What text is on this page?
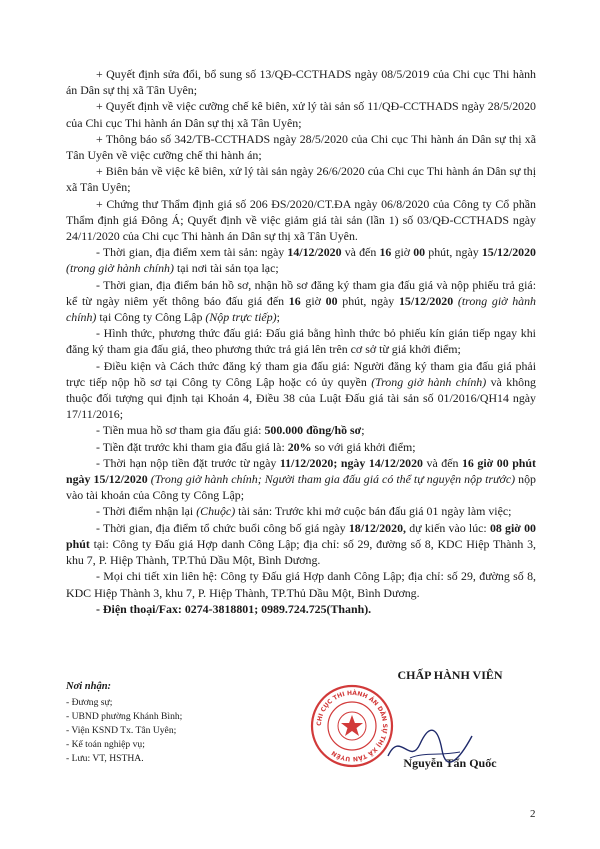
+ Quyết định sửa đổi, bổ sung số 13/QĐ-CCTHADS ngày 08/5/2019 của Chi cục Thi hành án Dân sự thị xã Tân Uyên;

+ Quyết định về việc cưỡng chế kê biên, xử lý tài sản số 11/QĐ-CCTHADS ngày 28/5/2020 của Chi cục Thi hành án Dân sự thị xã Tân Uyên;

+ Thông báo số 342/TB-CCTHADS ngày 28/5/2020 của Chi cục Thi hành án Dân sự thị xã Tân Uyên về việc cưỡng chế thi hành án;

+ Biên bản về việc kê biên, xử lý tài sản ngày 26/6/2020 của Chi cục Thi hành án Dân sự thị xã Tân Uyên;

+ Chứng thư Thẩm định giá số 206 ĐS/2020/CT.ĐA ngày 06/8/2020 của Công ty Cổ phần Thẩm định giá Đông Á; Quyết định về việc giảm giá tài sản (lần 1) số 03/QĐ-CCTHADS ngày 24/11/2020 của Chi cục Thi hành án Dân sự thị xã Tân Uyên.

- Thời gian, địa điểm xem tài sản: ngày 14/12/2020 và đến 16 giờ 00 phút, ngày 15/12/2020 (trong giờ hành chính) tại nơi tài sản tọa lạc;

- Thời gian, địa điểm bán hồ sơ, nhận hồ sơ đăng ký tham gia đấu giá và nộp phiếu trả giá: kể từ ngày niêm yết thông báo đấu giá đến 16 giờ 00 phút, ngày 15/12/2020 (trong giờ hành chính) tại Công ty Công Lập (Nộp trực tiếp);

- Hình thức, phương thức đấu giá: Đấu giá bằng hình thức bỏ phiếu kín gián tiếp ngay khi đăng ký tham gia đấu giá, theo phương thức trả giá lên trên cơ sở từ giá khởi điểm;

- Điều kiện và Cách thức đăng ký tham gia đấu giá: Người đăng ký tham gia đấu giá phải trực tiếp nộp hồ sơ tại Công ty Công Lập hoặc có ủy quyền (Trong giờ hành chính) và không thuộc đối tượng qui định tại Khoản 4, Điều 38 của Luật Đấu giá tài sản số 01/2016/QH14 ngày 17/11/2016;

- Tiền mua hồ sơ tham gia đấu giá: 500.000 đồng/hồ sơ;

- Tiền đặt trước khi tham gia đấu giá là: 20% so với giá khởi điểm;

- Thời hạn nộp tiền đặt trước từ ngày 11/12/2020; ngày 14/12/2020 và đến 16 giờ 00 phút ngày 15/12/2020 (Trong giờ hành chính; Người tham gia đấu giá có thể tự nguyện nộp trước) nộp vào tài khoản của Công ty Công Lập;

- Thời điểm nhận lại (Chuộc) tài sản: Trước khi mở cuộc bán đấu giá 01 ngày làm việc;

- Thời gian, địa điểm tổ chức buổi công bố giá ngày 18/12/2020, dự kiến vào lúc: 08 giờ 00 phút tại: Công ty Đấu giá Hợp danh Công Lập; địa chỉ: số 29, đường số 8, KDC Hiệp Thành 3, khu 7, P. Hiệp Thành, TP.Thủ Dầu Một, Bình Dương.

- Mọi chi tiết xin liên hệ: Công ty Đấu giá Hợp danh Công Lập; địa chỉ: số 29, đường số 8, KDC Hiệp Thành 3, khu 7, P. Hiệp Thành, TP.Thủ Dầu Một, Bình Dương.

- Điện thoại/Fax: 0274-3818801; 0989.724.725(Thanh).

Nơi nhận:
- Đương sự;
- UBND phường Khánh Bình;
- Viện KSND Tx. Tân Uyên;
- Kế toán nghiệp vụ;
- Lưu: VT, HSTHA.
CHI CỤC THI HÀNH ÁN DÂN SỰ THỊ XÃ TÂN UYÊN
CHẤP HÀNH VIÊN
Nguyễn Tấn Quốc
2
